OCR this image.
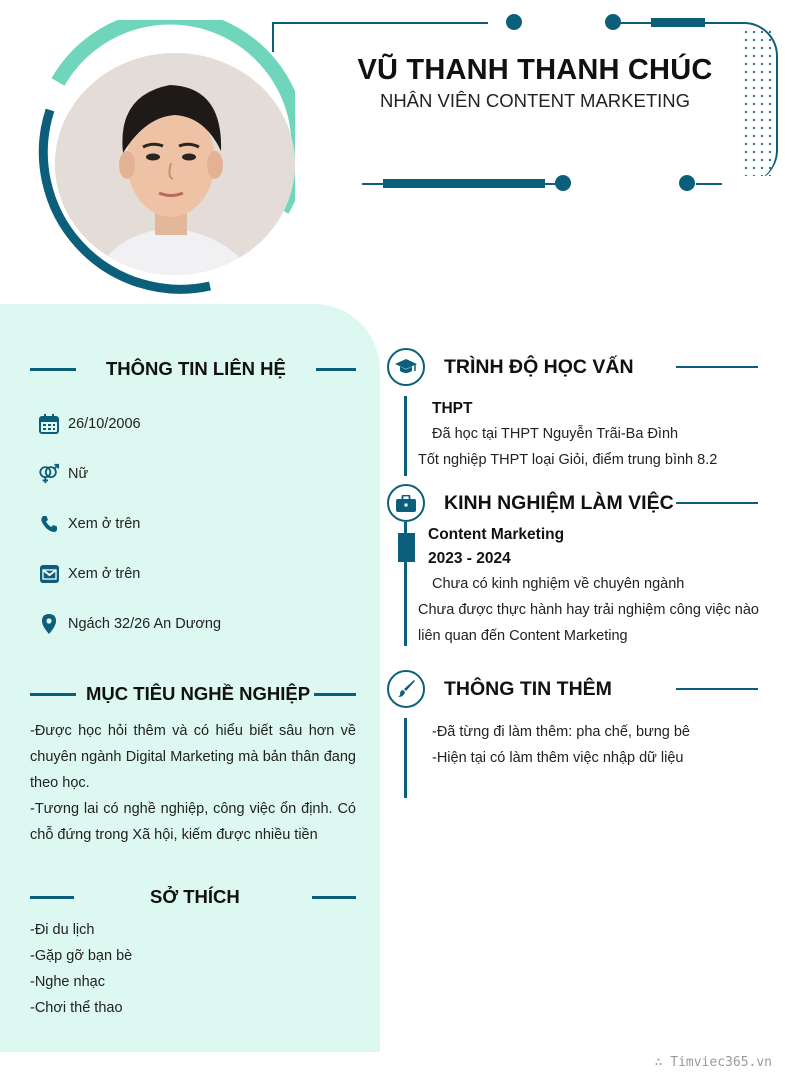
VŨ THANH THANH CHÚC
NHÂN VIÊN CONTENT MARKETING
THÔNG TIN LIÊN HỆ
26/10/2006
Nữ
Xem ở trên
Xem ở trên
Ngách 32/26 An Dương
MỤC TIÊU NGHỀ NGHIỆP
-Được học hỏi thêm và có hiểu biết sâu hơn về chuyên ngành Digital Marketing mà bản thân đang theo học.
-Tương lai có nghề nghiệp, công việc ổn định. Có chỗ đứng trong Xã hội, kiếm được nhiều tiền
SỞ THÍCH
-Đi du lịch
-Gặp gỡ bạn bè
-Nghe nhạc
-Chơi thể thao
TRÌNH ĐỘ HỌC VẤN
THPT
Đã học tại THPT Nguyễn Trãi-Ba Đình
Tốt nghiệp THPT loại Giỏi, điểm trung bình 8.2
KINH NGHIỆM LÀM VIỆC
Content Marketing
2023 - 2024
Chưa có kinh nghiệm về chuyên ngành
Chưa được thực hành hay trải nghiệm công việc nào
liên quan đến Content Marketing
THÔNG TIN THÊM
-Đã từng đi làm thêm: pha chế, bưng bê
-Hiện tại có làm thêm việc nhập dữ liệu
∴ Timviec365.vn
